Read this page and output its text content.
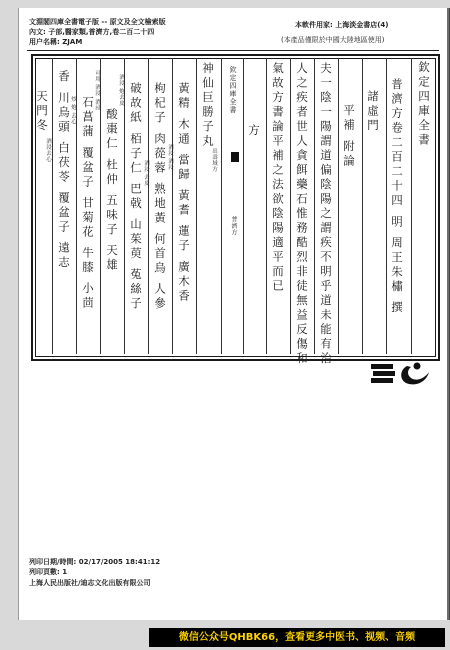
文淵閣四庫全書電子版 -- 原文及全文檢索版
內文: 子部,醫家類,普濟方,卷二百二十四
用户名稱: ZJAM
本軟件用家: 上海淡金書店(4)
(本產品僅限於中國大陸地區使用)
欽定四庫全書
普濟方卷二百二十四 明 周王朱橚 撰
諸虛門
平補 附論
夫一陰一陽謂道偏陰陽之謂疾不明乎道未能有治
人之疾者世人貪餌藥石惟務酷烈非徒無益反傷和
氣故方書論平補之法欲陰陽適平而已
方
欽定四庫全書
普濟方
神仙巨勝子丸
出壽域方
黃精 木通 當歸 黃耆 蓮子 廣木香
枸杞子 肉蓯蓉 熟地黃 何首烏 人參 酒浸 酒浸
破故紙 栢子仁 巴戟 山茱萸 菟絲子 酒浸 去皮
酸棗仁 杜仲 五味子 天雄
酒浸 炮去皮
石菖蒲 覆盆子 甘菊花 牛膝 小茴
可用 酒浸 酒浸
香 川烏頭 白茯苓 覆盆子 遠志 炒 炮 去心
天門冬
酒浸去心
列印日期/時間: 02/17/2005 18:41:12
列印頁數: 1
上海人民出版社/迪志文化出版有限公司
微信公众号QHBK66，查看更多中医书、视频、音频
